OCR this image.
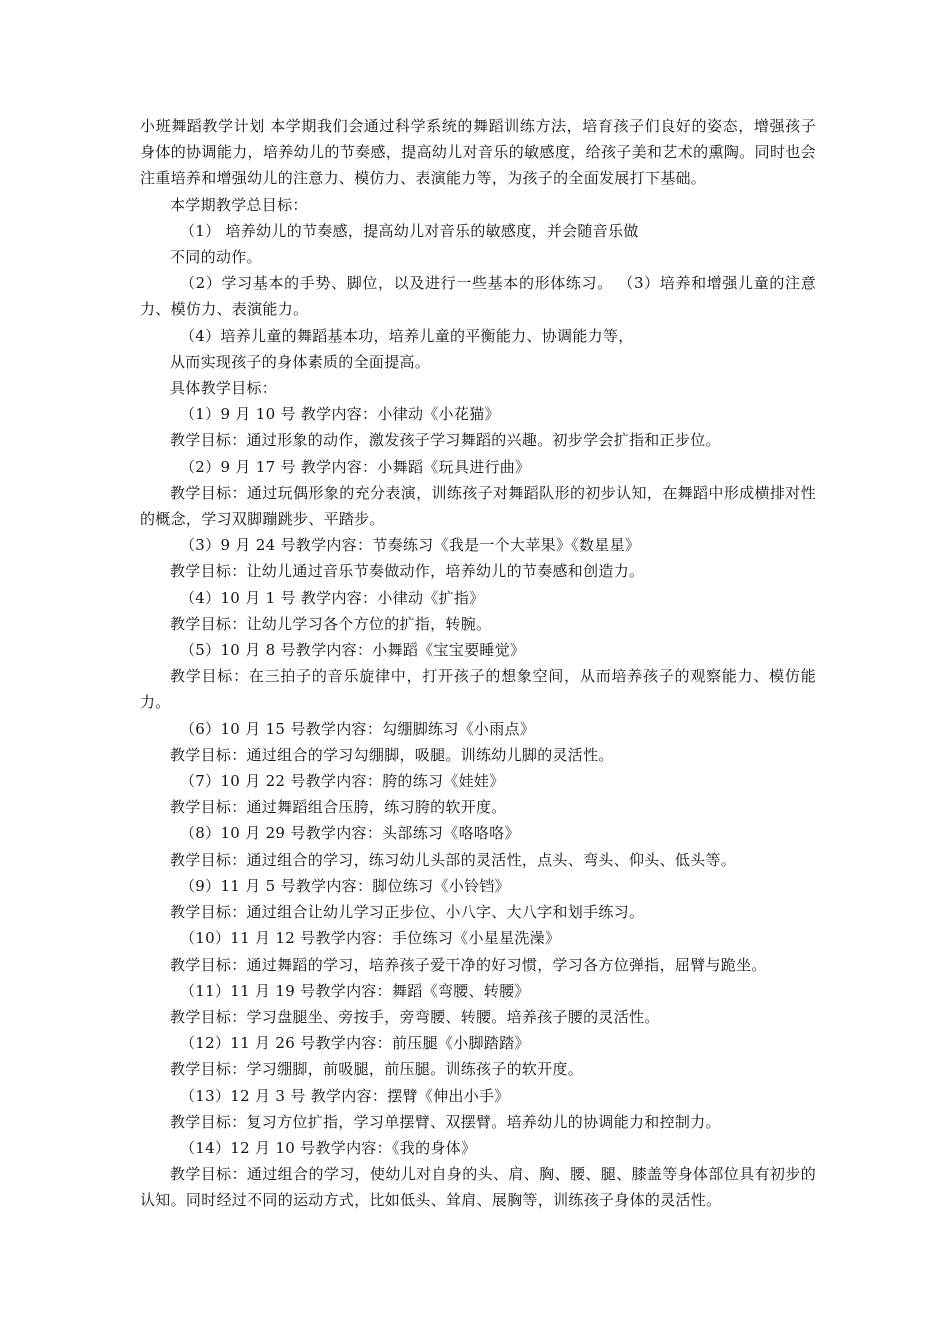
小班舞蹈教学计划 本学期我们会通过科学系统的舞蹈训练方法，培育孩子们良好的姿态，增强孩子身体的协调能力，培养幼儿的节奏感，提高幼儿对音乐的敏感度，给孩子美和艺术的熏陶。同时也会注重培养和增强幼儿的注意力、模仿力、表演能力等，为孩子的全面发展打下基础。

本学期教学总目标：

（1） 培养幼儿的节奏感，提高幼儿对音乐的敏感度，并会随音乐做

不同的动作。

（2）学习基本的手势、脚位，以及进行一些基本的形体练习。 （3）培养和增强儿童的注意力、模仿力、表演能力。

（4）培养儿童的舞蹈基本功，培养儿童的平衡能力、协调能力等，

从而实现孩子的身体素质的全面提高。

具体教学目标：

（1）9 月 10 号 教学内容：小律动《小花猫》

教学目标：通过形象的动作，激发孩子学习舞蹈的兴趣。初步学会扩指和正步位。

（2）9 月 17 号 教学内容：小舞蹈《玩具进行曲》

教学目标：通过玩偶形象的充分表演，训练孩子对舞蹈队形的初步认知，在舞蹈中形成横排对性的概念，学习双脚蹦跳步、平踏步。

（3）9 月 24 号教学内容：节奏练习《我是一个大苹果》《数星星》

教学目标：让幼儿通过音乐节奏做动作，培养幼儿的节奏感和创造力。

（4）10 月 1 号 教学内容：小律动《扩指》

教学目标：让幼儿学习各个方位的扩指，转腕。

（5）10 月 8 号教学内容：小舞蹈《宝宝要睡觉》

教学目标：在三拍子的音乐旋律中，打开孩子的想象空间，从而培养孩子的观察能力、模仿能力。

（6）10 月 15 号教学内容：勾绷脚练习《小雨点》

教学目标：通过组合的学习勾绷脚，吸腿。训练幼儿脚的灵活性。

（7）10 月 22 号教学内容：胯的练习《娃娃》

教学目标：通过舞蹈组合压胯，练习胯的软开度。

（8）10 月 29 号教学内容：头部练习《咯咯咯》

教学目标：通过组合的学习，练习幼儿头部的灵活性，点头、弯头、仰头、低头等。

（9）11 月 5 号教学内容：脚位练习《小铃铛》

教学目标：通过组合让幼儿学习正步位、小八字、大八字和划手练习。

（10）11 月 12 号教学内容：手位练习《小星星洗澡》

教学目标：通过舞蹈的学习，培养孩子爱干净的好习惯，学习各方位弹指，屈臂与跪坐。

（11）11 月 19 号教学内容：舞蹈《弯腰、转腰》

教学目标：学习盘腿坐、旁按手，旁弯腰、转腰。培养孩子腰的灵活性。

（12）11 月 26 号教学内容：前压腿《小脚踏踏》

教学目标：学习绷脚，前吸腿，前压腿。训练孩子的软开度。

（13）12 月 3 号 教学内容：摆臂《伸出小手》

教学目标：复习方位扩指，学习单摆臂、双摆臂。培养幼儿的协调能力和控制力。

（14）12 月 10 号教学内容：《我的身体》

教学目标：通过组合的学习，使幼儿对自身的头、肩、胸、腰、腿、膝盖等身体部位具有初步的认知。同时经过不同的运动方式，比如低头、耸肩、展胸等，训练孩子身体的灵活性。
